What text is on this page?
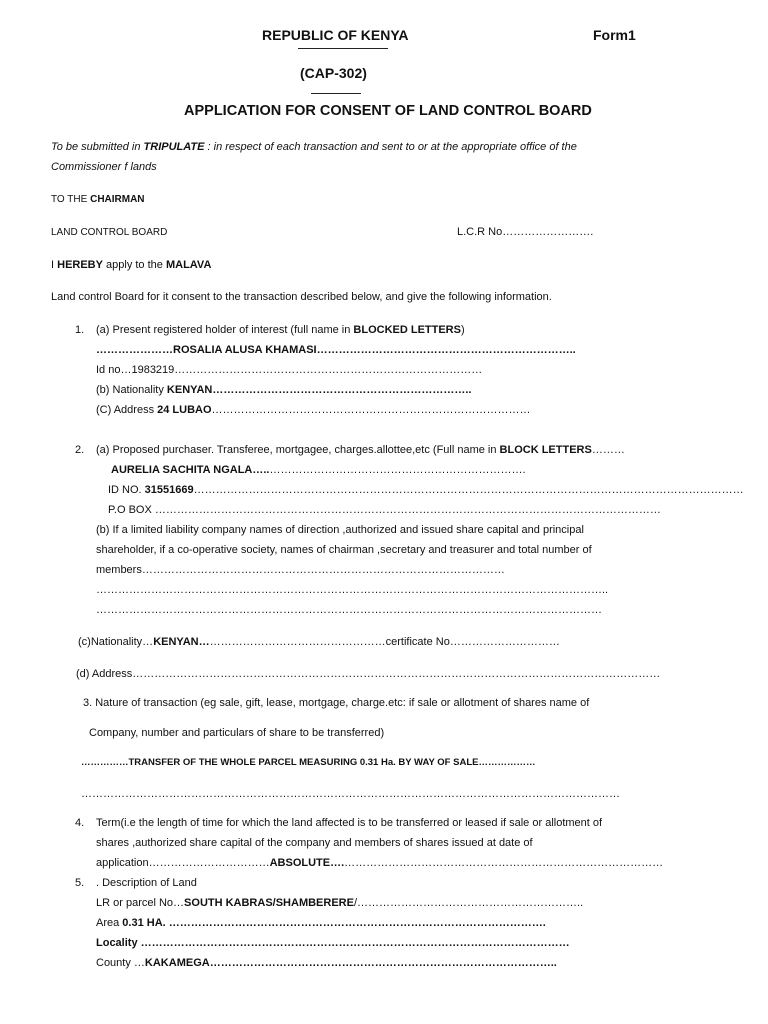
REPUBLIC OF KENYA	Form1
(CAP-302)
APPLICATION FOR CONSENT OF LAND CONTROL BOARD
To be submitted in TRIPULATE : in respect of each transaction and sent to or at the appropriate office of the
Commissioner f lands
TO THE CHAIRMAN
LAND CONTROL BOARD	L.C.R No…………………….
I HEREBY apply to the MALAVA
Land control Board for it consent to the transaction described below, and give the following information.
1. (a) Present registered holder of interest (full name in BLOCKED LETTERS)
…………………ROSALIA ALUSA KHAMASI……………………………………………………………..
Id no…1983219…………………………………………………………………………
(b) Nationality KENYAN……………………………………………………………..
(C) Address 24 LUBAO……………………………………………………………………………
2. (a) Proposed purchaser. Transferee, mortgagee, charges.allottee,etc (Full name in BLOCK LETTERS………
AURELIA SACHITA NGALA…..…………………………………………………………….
ID NO. 31551669……………………………………………………………………………………………………………………………………
P.O BOX …………………………………………………………………………………………………………………………
(b) If a limited liability company names of direction ,authorized and issued share capital and principal
shareholder, if a co-operative society, names of chairman ,secretary and treasurer and total number of
members………………………………………………………………………………………
…………………………………………………………………………………………………………………………..
…………………………………………………………………………………………………………………………
(c)Nationality…KENYAN……………………………………………certificate No…………………………
(d) Address………………………………………………………………………………………………………………………………
3. Nature of transaction (eg sale, gift, lease, mortgage, charge.etc: if sale or allotment of shares name of
Company, number and particulars of share to be transferred)
……………TRANSFER OF THE WHOLE PARCEL MEASURING 0.31 Ha. BY WAY OF SALE………………
…………………………………………………………………………………………………………………………………
4. Term(i.e the length of time for which the land affected is to be transferred or leased if sale or allotment of
shares ,authorized share capital of the company and members of shares issued at date of
application……………………………ABSOLUTE….……………………………………………………………………………
5. . Description of Land
LR or parcel No…SOUTH KABRAS/SHAMBERERE/……………………………………………………..
Area 0.31 HA. ………………………………………………………………………………………….
Locality ………………………………………………………………………………………………………
County …KAKAMEGA…………………………………………………………………………………..
